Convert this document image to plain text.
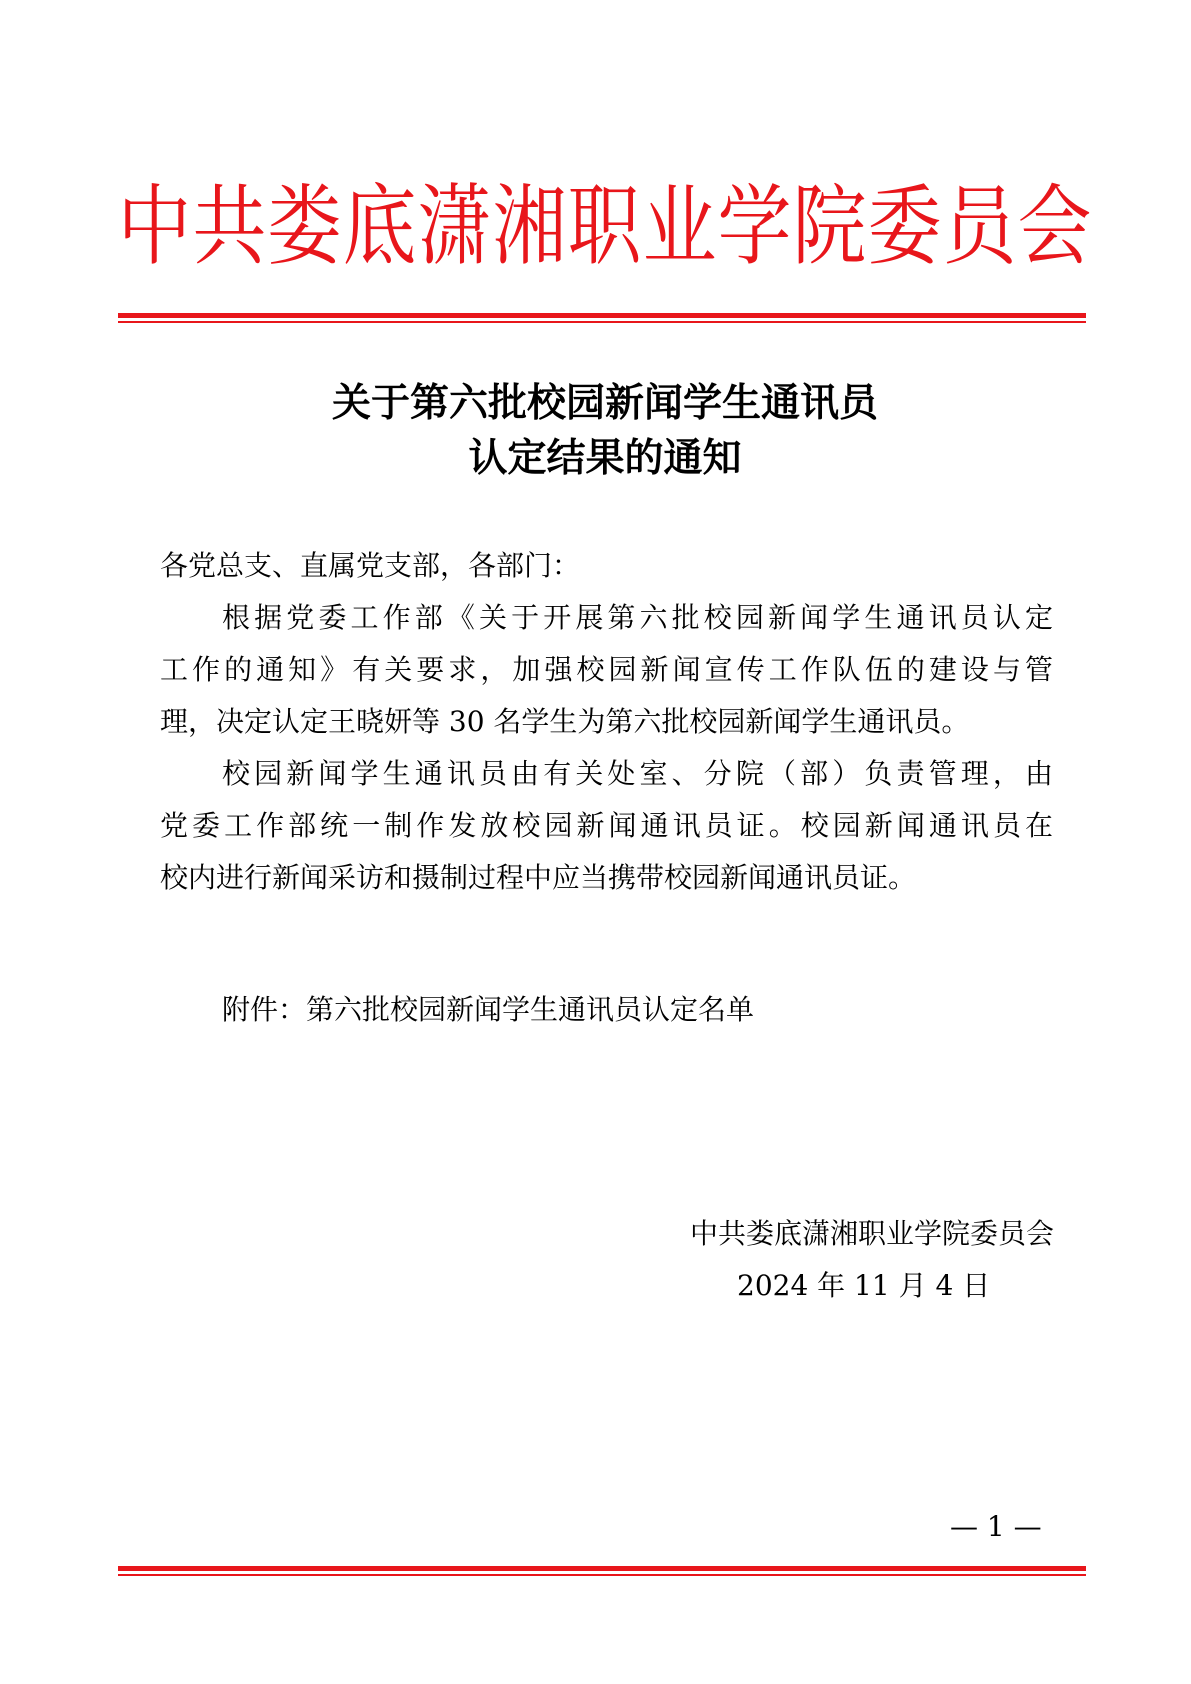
中共娄底潇湘职业学院委员会
关于第六批校园新闻学生通讯员
认定结果的通知
各党总支、直属党支部，各部门：
根据党委工作部《关于开展第六批校园新闻学生通讯员认定
工作的通知》有关要求，加强校园新闻宣传工作队伍的建设与管
理，决定认定王晓妍等 30 名学生为第六批校园新闻学生通讯员。
校园新闻学生通讯员由有关处室、分院（部）负责管理，由
党委工作部统一制作发放校园新闻通讯员证。校园新闻通讯员在
校内进行新闻采访和摄制过程中应当携带校园新闻通讯员证。
附件：第六批校园新闻学生通讯员认定名单
中共娄底潇湘职业学院委员会
2024 年 11 月 4 日
— 1 —
